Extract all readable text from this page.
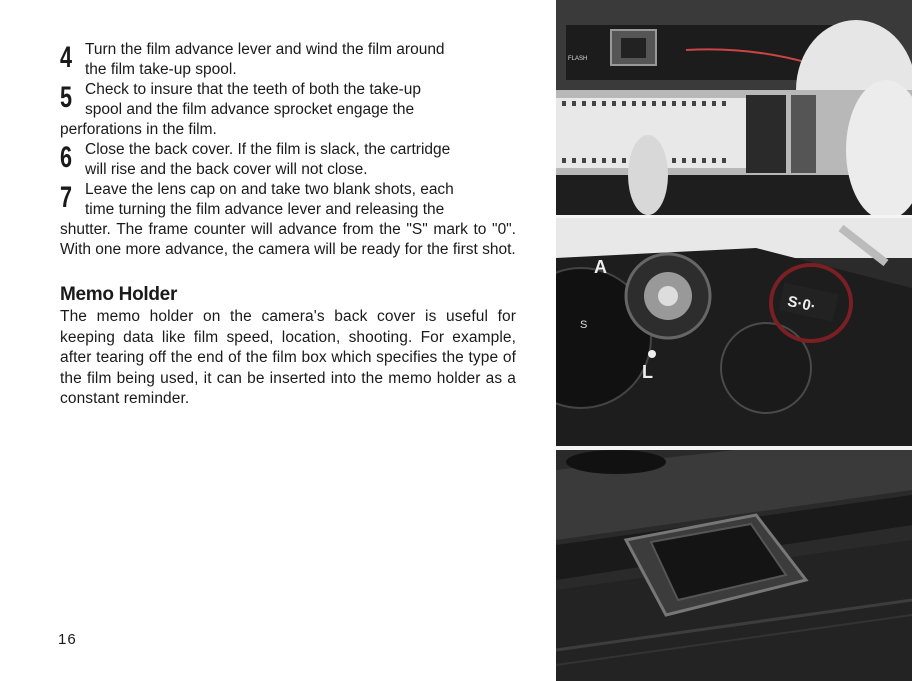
4 Turn the film advance lever and wind the film around
the film take-up spool.
5 Check to insure that the teeth of both the take-up
spool and the film advance sprocket engage the
perforations in the film.
6 Close the back cover. If the film is slack, the cartridge
will rise and the back cover will not close.
7 Leave the lens cap on and take two blank shots, each
time turning the film advance lever and releasing the
shutter. The frame counter will advance from the "S" mark to "0". With one more advance, the camera will be ready for the first shot.
Memo Holder
The memo holder on the camera's back cover is useful for keeping data like film speed, location, shooting. For example, after tearing off the end of the film box which specifies the type of the film being used, it can be inserted into the memo holder as a constant reminder.
16
FLASH
S·0·
A
S
L
